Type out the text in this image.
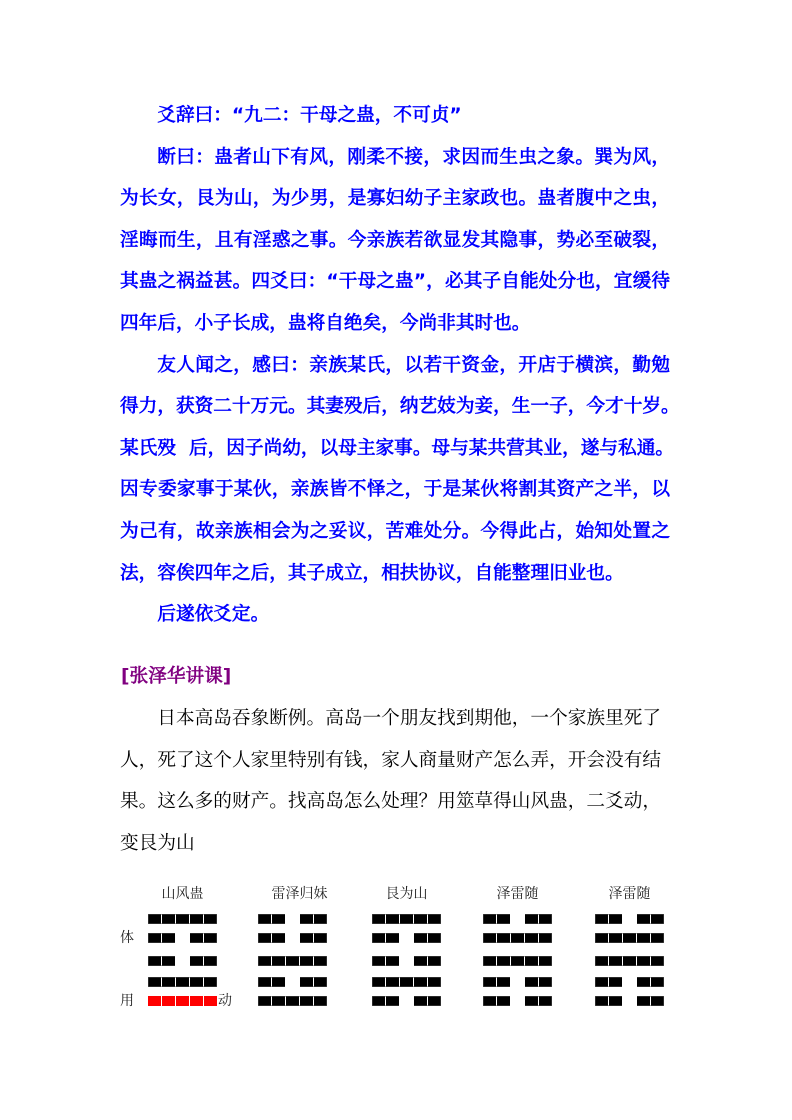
爻辞曰：“九二：干母之蛊，不可贞”
断曰：蛊者山下有风，刚柔不接，求因而生虫之象。巽为风，
为长女，艮为山，为少男，是寡妇幼子主家政也。蛊者腹中之虫，
淫晦而生，且有淫惑之事。今亲族若欲显发其隐事，势必至破裂，
其蛊之祸益甚。四爻曰：“干母之蛊”，必其子自能处分也，宜缓待
四年后，小子长成，蛊将自绝矣，今尚非其时也。
友人闻之，感曰：亲族某氏，以若干资金，开店于横滨，勤勉
得力，获资二十万元。其妻殁后，纳艺妓为妾，生一子，今才十岁。
某氏殁  后，因子尚幼，以母主家事。母与某共营其业，遂与私通。
因专委家事于某伙，亲族皆不怿之，于是某伙将割其资产之半，以
为己有，故亲族相会为之妥议，苦难处分。今得此占，始知处置之
法，容俟四年之后，其子成立，相扶协议，自能整理旧业也。
后遂依爻定。
[张泽华讲课]
日本高岛吞象断例。高岛一个朋友找到期他，一个家族里死了
人，死了这个人家里特别有钱，家人商量财产怎么弄，开会没有结
果。这么多的财产。找高岛怎么处理？用筮草得山风蛊，二爻动，
变艮为山
体
用	动
山风蛊	雷泽归妹	艮为山	泽雷随	泽雷随
